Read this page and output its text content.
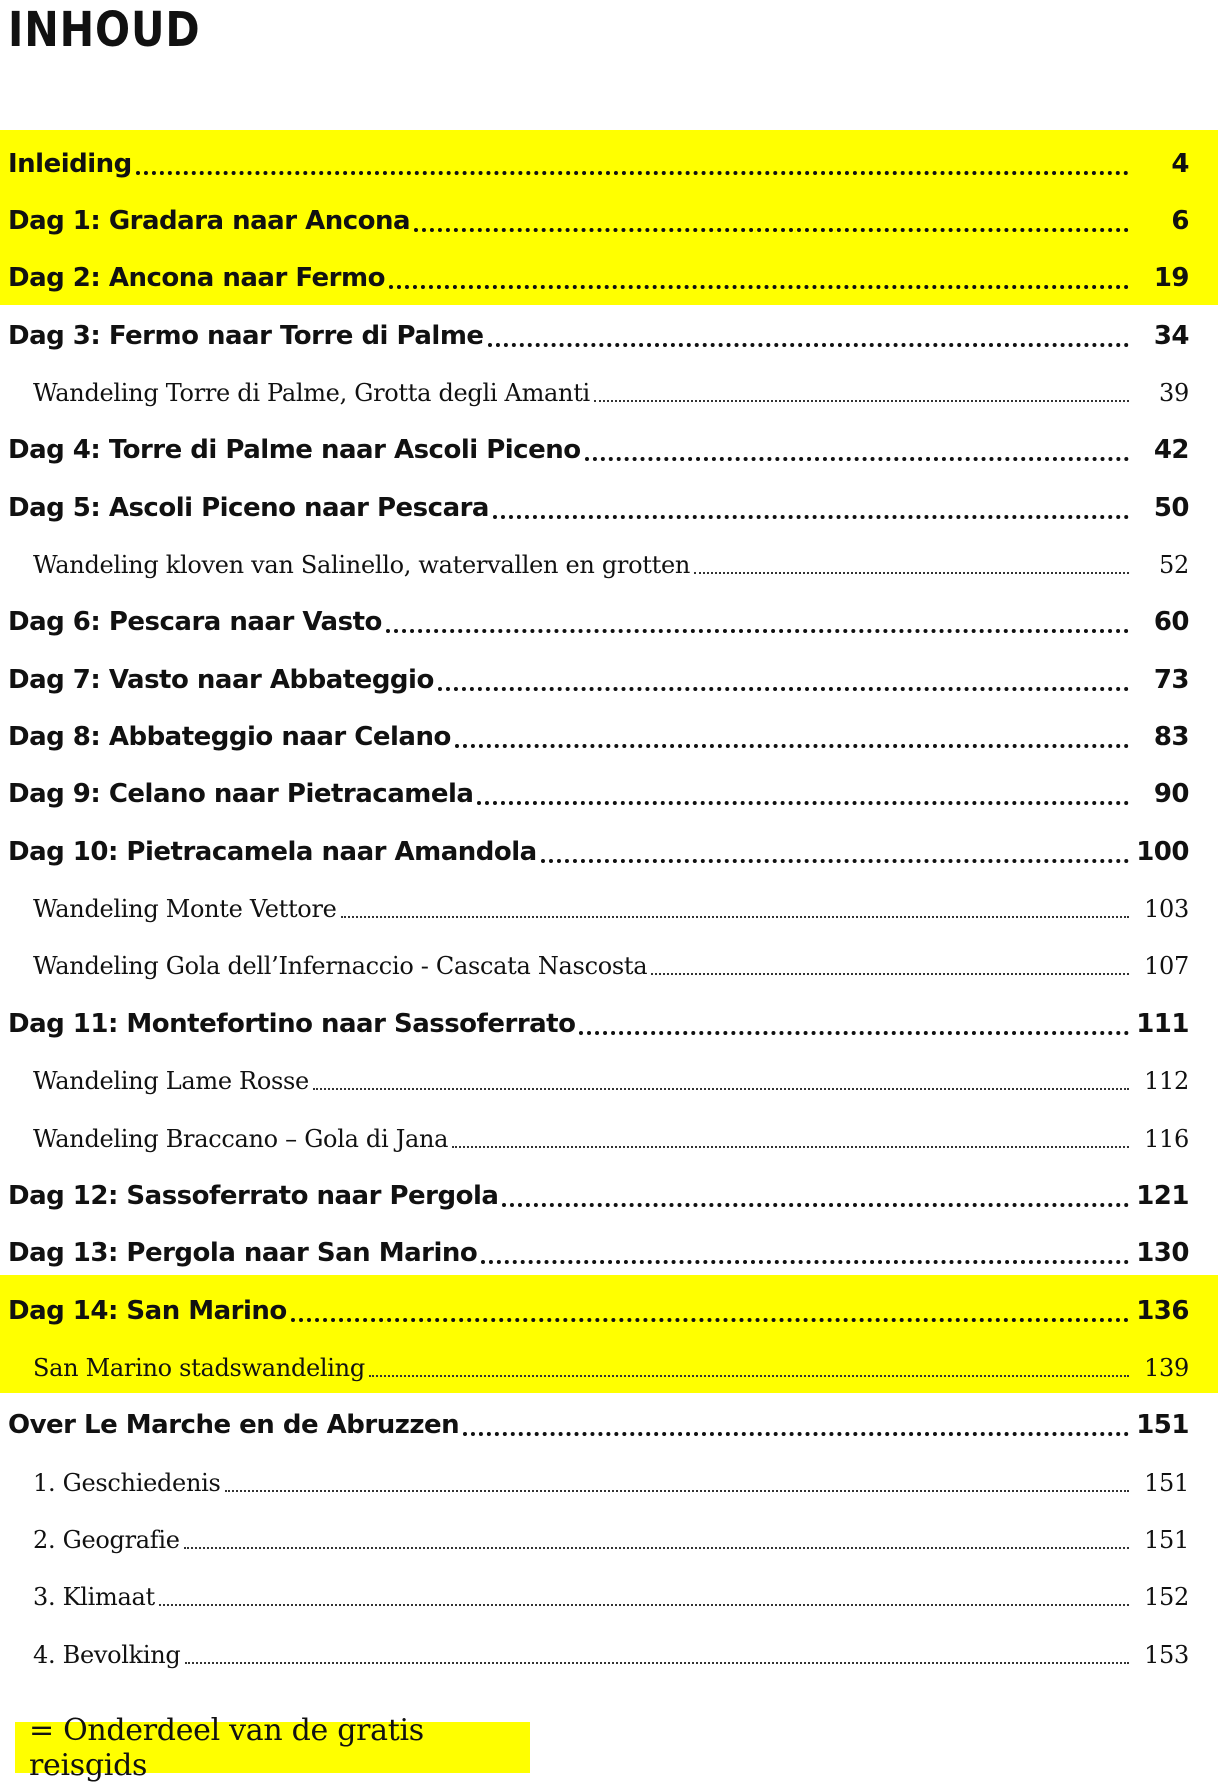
INHOUD
Inleiding	4
Dag 1: Gradara naar Ancona	6
Dag 2: Ancona naar Fermo	19
Dag 3: Fermo naar Torre di Palme	34
Wandeling Torre di Palme, Grotta degli Amanti	39
Dag 4: Torre di Palme naar Ascoli Piceno	42
Dag 5: Ascoli Piceno naar Pescara	50
Wandeling kloven van Salinello, watervallen en grotten	52
Dag 6: Pescara naar Vasto	60
Dag 7: Vasto naar Abbateggio	73
Dag 8: Abbateggio naar Celano	83
Dag 9: Celano naar Pietracamela	90
Dag 10: Pietracamela naar Amandola	100
Wandeling Monte Vettore	103
Wandeling Gola dell’Infernaccio - Cascata Nascosta	107
Dag 11: Montefortino naar Sassoferrato	111
Wandeling Lame Rosse	112
Wandeling Braccano – Gola di Jana	116
Dag 12: Sassoferrato naar Pergola	121
Dag 13: Pergola naar San Marino	130
Dag 14: San Marino	136
San Marino stadswandeling	139
Over Le Marche en de Abruzzen	151
1. Geschiedenis	151
2. Geografie	151
3. Klimaat	152
4. Bevolking	153
= Onderdeel van de gratis reisgids
